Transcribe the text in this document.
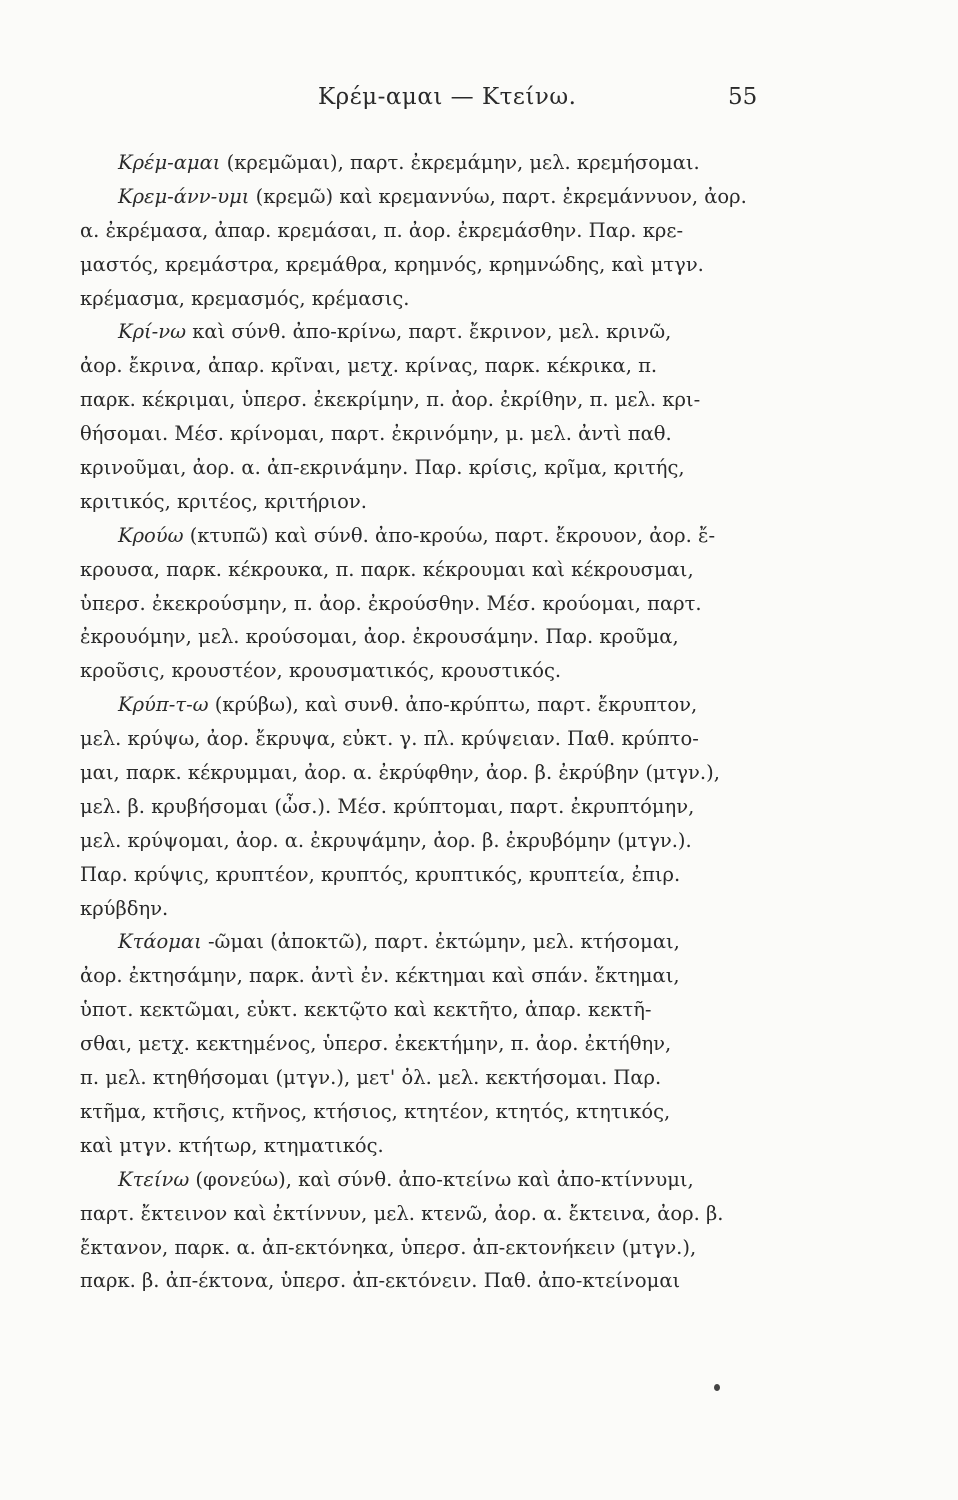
Κρέμ-αμαι — Κτείνω.	55
Κρέμ-αμαι (κρεμῶμαι), παρτ. ἐκρεμάμην, μελ. κρεμήσομαι.
Κρεμ-άνν-υμι (κρεμῶ) καὶ κρεμαννύω, παρτ. ἐκρεμάννυον, ἀορ.
α. ἐκρέμασα, ἀπαρ. κρεμάσαι, π. ἀορ. ἐκρεμάσθην. Παρ. κρε-
μαστός, κρεμάστρα, κρεμάθρα, κρημνός, κρημνώδης, καὶ μτγν.
κρέμασμα, κρεμασμός, κρέμασις.
Κρί-νω καὶ σύνθ. ἀπο-κρίνω, παρτ. ἔκρινον, μελ. κρινῶ,
ἀορ. ἔκρινα, ἀπαρ. κρῖναι, μετχ. κρίνας, παρκ. κέκρικα, π.
παρκ. κέκριμαι, ὑπερσ. ἐκεκρίμην, π. ἀορ. ἐκρίθην, π. μελ. κρι-
θήσομαι. Μέσ. κρίνομαι, παρτ. ἐκρινόμην, μ. μελ. ἀντὶ παθ.
κρινοῦμαι, ἀορ. α. ἀπ-εκρινάμην. Παρ. κρίσις, κρῖμα, κριτής,
κριτικός, κριτέος, κριτήριον.
Κρούω (κτυπῶ) καὶ σύνθ. ἀπο-κρούω, παρτ. ἔκρουον, ἀορ. ἔ-
κρουσα, παρκ. κέκρουκα, π. παρκ. κέκρουμαι καὶ κέκρουσμαι,
ὑπερσ. ἐκεκρούσμην, π. ἀορ. ἐκρούσθην. Μέσ. κρούομαι, παρτ.
ἐκρουόμην, μελ. κρούσομαι, ἀορ. ἐκρουσάμην. Παρ. κροῦμα,
κροῦσις, κρουστέον, κρουσματικός, κρουστικός.
Κρύπ-τ-ω (κρύβω), καὶ συνθ. ἀπο-κρύπτω, παρτ. ἔκρυπτον,
μελ. κρύψω, ἀορ. ἔκρυψα, εὐκτ. γ. πλ. κρύψειαν. Παθ. κρύπτο-
μαι, παρκ. κέκρυμμαι, ἀορ. α. ἐκρύφθην, ἀορ. β. ἐκρύβην (μτγν.),
μελ. β. κρυβήσομαι (ὦσ.). Μέσ. κρύπτομαι, παρτ. ἐκρυπτόμην,
μελ. κρύψομαι, ἀορ. α. ἐκρυψάμην, ἀορ. β. ἐκρυβόμην (μτγν.).
Παρ. κρύψις, κρυπτέον, κρυπτός, κρυπτικός, κρυπτεία, ἐπιρ.
κρύβδην.
Κτάομαι -ῶμαι (ἀποκτῶ), παρτ. ἐκτώμην, μελ. κτήσομαι,
ἀορ. ἐκτησάμην, παρκ. ἀντὶ ἐν. κέκτημαι καὶ σπάν. ἔκτημαι,
ὑποτ. κεκτῶμαι, εὐκτ. κεκτῷτο καὶ κεκτῆτο, ἀπαρ. κεκτῆ-
σθαι, μετχ. κεκτημένος, ὑπερσ. ἐκεκτήμην, π. ἀορ. ἐκτήθην,
π. μελ. κτηθήσομαι (μτγν.), μετ' ὀλ. μελ. κεκτήσομαι. Παρ.
κτῆμα, κτῆσις, κτῆνος, κτήσιος, κτητέον, κτητός, κτητικός,
καὶ μτγν. κτήτωρ, κτηματικός.
Κτείνω (φονεύω), καὶ σύνθ. ἀπο-κτείνω καὶ ἀπο-κτίννυμι,
παρτ. ἔκτεινον καὶ ἐκτίννυν, μελ. κτενῶ, ἀορ. α. ἔκτεινα, ἀορ. β.
ἔκτανον, παρκ. α. ἀπ-εκτόνηκα, ὑπερσ. ἀπ-εκτονήκειν (μτγν.),
παρκ. β. ἀπ-έκτονα, ὑπερσ. ἀπ-εκτόνειν. Παθ. ἀπο-κτείνομαι
